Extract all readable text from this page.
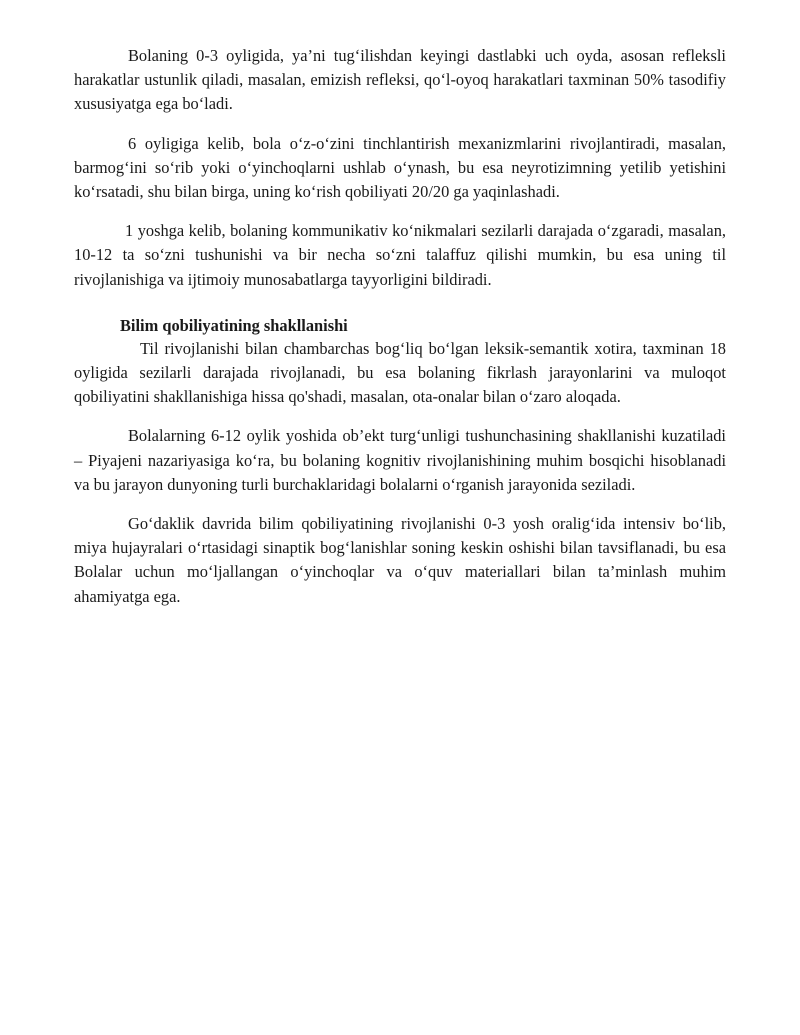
Bolaning 0-3 oyligida, ya’ni tug‘ilishdan keyingi dastlabki uch oyda, asosan refleksli harakatlar ustunlik qiladi, masalan, emizish refleksi, qo‘l-oyoq harakatlari taxminan 50% tasodifiy xususiyatga ega bo‘ladi.

6 oyligiga kelib, bola o‘z-o‘zini tinchlantirish mexanizmlarini rivojlantiradi, masalan, barmog‘ini so‘rib yoki o‘yinchoqlarni ushlab o‘ynash, bu esa neyrotizimning yetilib yetishini ko‘rsatadi, shu bilan birga, uning ko‘rish qobiliyati 20/20 ga yaqinlashadi.

1 yoshga kelib, bolaning kommunikativ ko‘nikmalari sezilarli darajada o‘zgaradi, masalan, 10-12 ta so‘zni tushunishi va bir necha so‘zni talaffuz qilishi mumkin, bu esa uning til rivojlanishiga va ijtimoiy munosabatlarga tayyorligini bildiradi.

Bilim qobiliyatining shakllanishi

Til rivojlanishi bilan chambarchas bog‘liq bo‘lgan leksik-semantik xotira, taxminan 18 oyligida sezilarli darajada rivojlanadi, bu esa bolaning fikrlash jarayonlarini va muloqot qobiliyatini shakllanishiga hissa qo'shadi, masalan, ota-onalar bilan o‘zaro aloqada.

Bolalarning 6-12 oylik yoshida ob’ekt turg‘unligi tushunchasining shakllanishi kuzatiladi – Piyajeni nazariyasiga ko‘ra, bu bolaning kognitiv rivojlanishining muhim bosqichi hisoblanadi va bu jarayon dunyoning turli burchaklaridagi bolalarni o‘rganish jarayonida seziladi.

Go‘daklik davrida bilim qobiliyatining rivojlanishi 0-3 yosh oralig‘ida intensiv bo‘lib, miya hujayralari o‘rtasidagi sinaptik bog‘lanishlar soning keskin oshishi bilan tavsiflanadi, bu esa Bolalar uchun mo‘ljallangan o‘yinchoqlar va o‘quv materiallari bilan ta’minlash muhim ahamiyatga ega.
